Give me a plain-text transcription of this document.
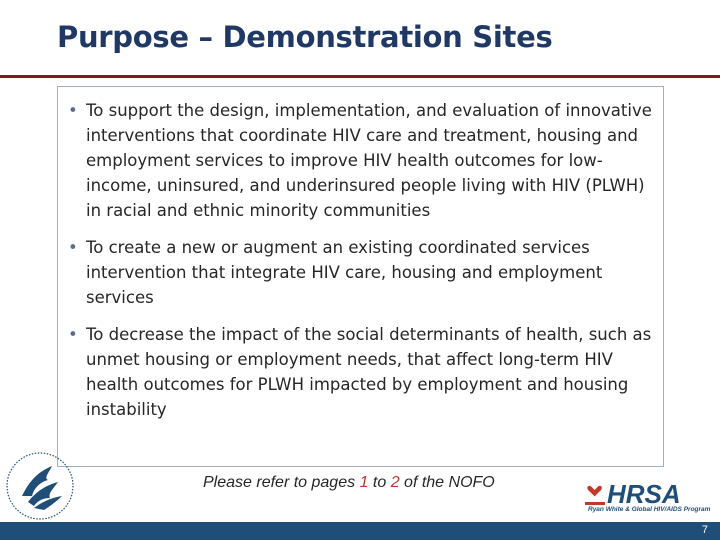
Purpose – Demonstration Sites
• To support the design, implementation, and evaluation of innovative interventions that coordinate HIV care and treatment, housing and employment services to improve HIV health outcomes for low-income, uninsured, and underinsured people living with HIV (PLWH) in racial and ethnic minority communities
• To create a new or augment an existing coordinated services intervention that integrate HIV care, housing and employment services
• To decrease the impact of the social determinants of health, such as unmet housing or employment needs, that affect long-term HIV health outcomes for PLWH impacted by employment and housing instability
Please refer to pages 1 to 2 of the NOFO	HRSA
Ryan White & Global HIV/AIDS Program
7
